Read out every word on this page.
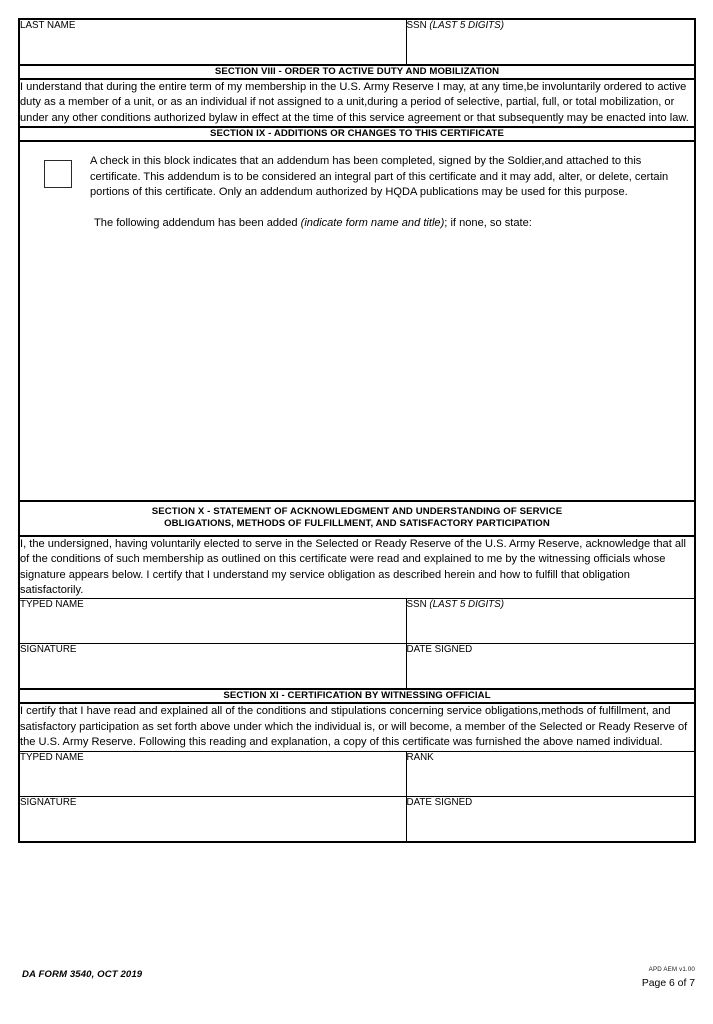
LAST NAME	SSN (LAST 5 DIGITS)

SECTION VIII - ORDER TO ACTIVE DUTY AND MOBILIZATION	

I understand that during the entire term of my membership in the U.S. Army Reserve I may, at any time,be involuntarily ordered to active duty as a member of a unit, or as an individual if not assigned to a unit,during a period of selective, partial, full, or total mobilization, or under any other conditions authorized bylaw in effect at the time of this service agreement or that subsequently may be enacted into law.	

SECTION IX - ADDITIONS OR CHANGES TO THIS CERTIFICATE	

A check in this block indicates that an addendum has been completed, signed by the Soldier,and attached to this certificate. This addendum is to be considered an integral part of this certificate and it may add, alter, or delete, certain portions of this certificate. Only an addendum authorized by HQDA publications may be used for this purpose.
The following addendum has been added (indicate form name and title); if none, so state:	

SECTION X - STATEMENT OF ACKNOWLEDGMENT AND UNDERSTANDING OF SERVICE
OBLIGATIONS, METHODS OF FULFILLMENT, AND SATISFACTORY PARTICIPATION	

I, the undersigned, having voluntarily elected to serve in the Selected or Ready Reserve of the U.S. Army Reserve, acknowledge that all of the conditions of such membership as outlined on this certificate were read and explained to me by the witnessing officials whose signature appears below. I certify that I understand my service obligation as described herein and how to fulfill that obligation satisfactorily.	

TYPED NAME	SSN (LAST 5 DIGITS)

SIGNATURE	DATE SIGNED

SECTION XI - CERTIFICATION BY WITNESSING OFFICIAL	

I certify that I have read and explained all of the conditions and stipulations concerning service obligations,methods of fulfillment, and satisfactory participation as set forth above under which the individual is, or will become, a member of the Selected or Ready Reserve of the U.S. Army Reserve. Following this reading and explanation, a copy of this certificate was furnished the above named individual.	

TYPED NAME	RANK

SIGNATURE	DATE SIGNED
DA FORM 3540, OCT 2019	APD AEM v1.00
Page 6 of 7
